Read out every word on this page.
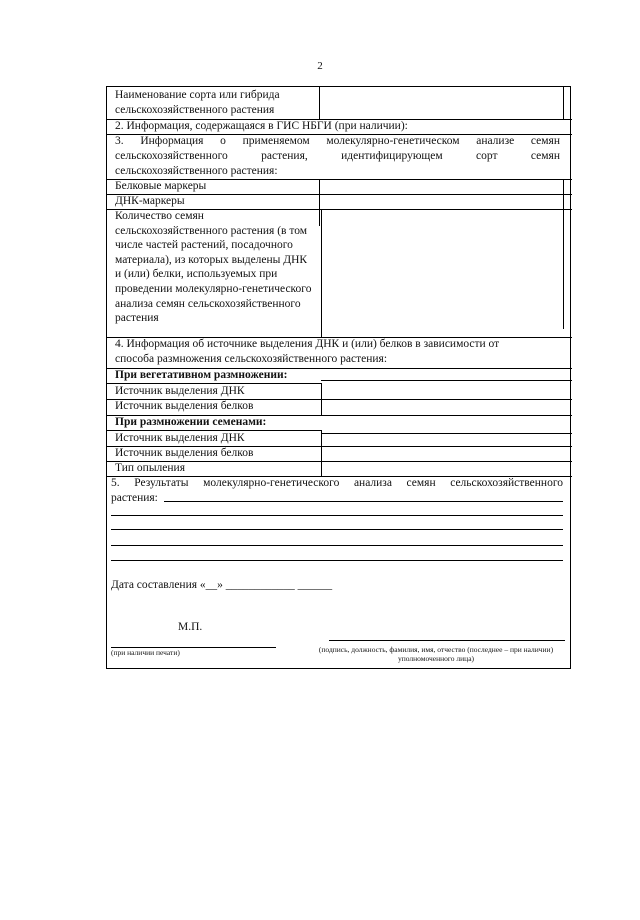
2
Наименование сорта или гибрида сельскохозяйственного растения
2. Информация, содержащаяся в ГИС НБГИ (при наличии):
3. Информация о применяемом молекулярно-генетическом анализе семян
сельскохозяйственного растения, идентифицирующем сорт семян
сельскохозяйственного растения:
Белковые маркеры
ДНК-маркеры
Количество семян сельскохозяйственного растения (в том числе частей растений, посадочного материала), из которых выделены ДНК и (или) белки, используемых при проведении молекулярно-генетического анализа семян сельскохозяйственного растения
4. Информация об источнике выделения ДНК и (или) белков в зависимости от
способа размножения сельскохозяйственного растения:
При вегетативном размножении:
Источник выделения ДНК
Источник выделения белков
При размножении семенами:
Источник выделения ДНК
Источник выделения белков
Тип опыления
5. Результаты молекулярно-генетического анализа семян сельскохозяйственного
растения:
Дата составления «__» ____________ ______
М.П.
(при наличии печати)	(подпись, должность, фамилия, имя, отчество (последнее – при наличии)
уполномоченного лица)
